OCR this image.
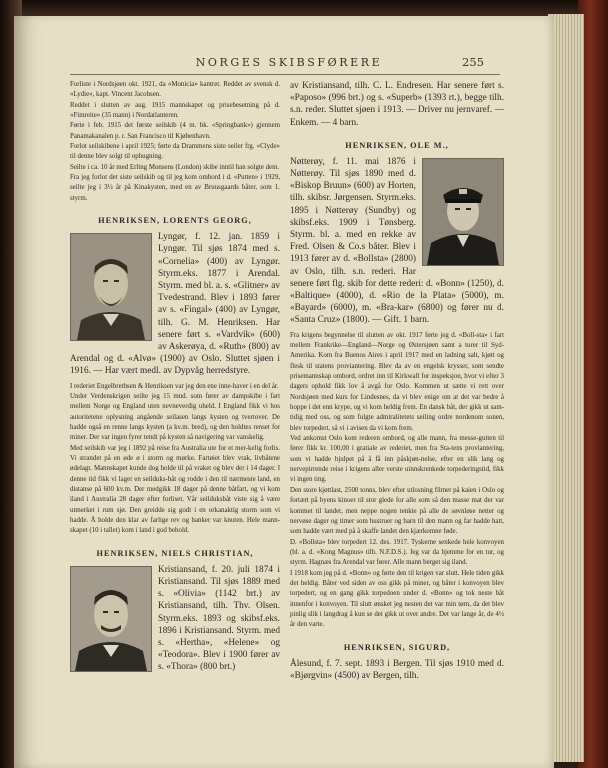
NORGES SKIBSFØRERE	255

Forliste i Nordsjøen okt. 1921, da «Monicia» kantret. Reddet av svensk d. «Lydie», kapt. Vincent Jacobsen.

Reddet i slutten av aug. 1915 mannskapet og prisebesetning på d. «Fimreite» (35 mann) i Nordatlanteren.

Førte i feb. 1915 det første seilskib (4 m. bk. «Springbank») gjennem Panamakanalen p. r. San Francisco til Kjøbenhavn.

Forlot seilskibene i april 1925; førte da Drammens siste seiler frg. «Clyde» til denne blev solgt til ophugning.

Seilte i ca. 10 år med Erling Monsens (London) skibe inntil han solgte dem.

Fra jeg forlot det siste seilskib og til jeg kom ombord i d. «Putten» i 1929, seilte jeg i 3½ år på Kinakysten, med en av Bruusgaards båter, som 1. styrm.

HENRIKSEN, LORENTS GEORG,

Lyngør, f. 12. jan. 1859 i Lyngør. Til sjøs 1874 med s. «Cornelia» (400) av Lyngør. Styrm.eks. 1877 i Arendal. Styrm. med bl. a. s. «Glitner» av Tvedestrand. Blev i 1893 fører av s. «Fingal» (400) av Lyngør, tilh. G. M. Henriksen. Har senere ført s. «Vardvik» (600) av Askerøya, d. «Ruth» (800) av Arendal og d. «Alvø» (1900) av Oslo. Sluttet sjøen i 1916. — Har vært medl. av Dypvåg herredstyre.

I rederiet Engelbrethsen & Henriksen var jeg den ene inne-haver i en del år.

Under Verdenskrigen seilte jeg 15 mnd. som fører av dampskibe i fart mellem Norge og England uten nevneverdig uheld. I England fikk vi hos autoritetene oplysning angående seilasen langs kysten og tvertover. De hadde også en renne langs kysten (a kv.m. bred), og den holdtes renset for miner. Der var ingen fyrer tendt på kysten så navigering var vanskelig.

Med seilskib var jeg i 1892 på reise fra Australia ute for et mer-kelig forlis. Vi strandet på en øde ø i storm og mørke. Fartøiet blev vrak, livbåtene ødelagt. Mannskapet kunde dog holde til på vraket og blev der i 14 dager. I denne tid fikk vi laget en seilduks-båt og rodde i den til nærmeste land, en distanse på 600 kv.m. Der medgikk 18 dager på denne båtfart, og vi kom iland i Australia 28 dager efter forliset. Vår seilduksbåt viste sig å være utmerket i rum sjø. Den greidde sig godt i en orkanaktig storm som vi hadde. Å holde den klar av farlige rev og banker var knuten. Hele mann-skapet (10 i tallet) kom i land i god behold.

HENRIKSEN, NIELS CHRISTIAN,

Kristiansand, f. 20. juli 1874 i Kristiansand. Til sjøs 1889 med s. «Olivia» (1142 brt.) av Kristiansand, tilh. Thv. Olsen. Styrm.eks. 1893 og skibsf.eks. 1896 i Kristiansand. Styrm. med s. «Hertha», «Helene» og «Teodora». Blev i 1900 fører av s. «Thora» (800 brt.)

av Kristiansand, tilh. C. L. Endresen. Har senere ført s. «Paposo» (996 brt.) og s. «Superb» (1393 rt.), begge tilh. s.n. reder. Sluttet sjøen i 1913. — Driver nu jernvaref. — Enkem. — 4 barn.

HENRIKSEN, OLE M.,

Nøtterøy, f. 11. mai 1876 i Nøtterøy. Til sjøs 1890 med d. «Biskop Bruun» (600) av Horten, tilh. skibsr. Jørgensen. Styrm.eks. 1895 i Nøtterøy (Sundby) og skibsf.eks. 1909 i Tønsberg. Styrm. bl. a. med en rekke av Fred. Olsen & Co.s båter. Blev i 1913 fører av d. «Bollsta» (2800) av Oslo, tilh. s.n. rederi. Har senere ført flg. skib for dette rederi: d. «Bonn» (1250), d. «Baltique» (4000), d. «Rio de la Plata» (5000), m. «Bayard» (6000), m. «Bra-kar» (6800) og fører nu d. «Santa Cruz» (1800). — Gift. 1 barn.

Fra krigens begynnelse til slutten av okt. 1917 førte jeg d. «Boll-sta» i fart mellem Frankrike—England—Norge og Østersjøen samt a turer til Syd-Amerika. Kom fra Buenos Aires i april 1917 med en ladning salt, kjøtt og flesk til statens proviantering. Blev da av en engelsk krysser, som sendte prisemannskap ombord, ordret inn til Kirkwall for inspeksjon, hvor vi efter 3 dagers ophold fikk lov å avgå for Oslo. Kommen ut sætte vi rett over Nordsjøen med kurs for Lindesnes, da vi blev enige om at det var bedre å hoppe i det enn krype, og vi kom heldig frem. En dansk båt, der gikk ut sam-tidig med oss, og som fulgte admiralitetets seiling ordre nordenom sonen, blev torpedert, så vi i avisen da vi kom frem.

Ved ankomst Oslo kom rederen ombord, og alle mann, fra messe-gutten til fører fikk kr. 100,00 i gratiale av rederiet, men fra Sta-tens proviantering, som vi hadde hjulpet på å få inn påskjøn-nelse, efter en slik lang og nervepirrende reise i krigens aller verste uinnskrenkede torpederingstid, fikk vi ingen ting.

Den store kjøttlast, 2500 tonns, blev efter utlosning filmet på kaien i Oslo og fortært på byens kinoer til stor glede for alle som så den masse mat der var kommet til landet, men neppe nogen tenkte på alle de søvnløse netter og nervøse dager og timer som hustruer og barn til den mann og far hadde hatt, som hadde vært med på å skaffe landet den kjærkomne føde.

D. «Bollsta» blev torpedert 12. des. 1917. Tyskerne senkede hele konvoyen (bl. a. d. «Kong Magnus» tilh. N.F.D.S.). Jeg var da hjemme for en tur, og styrm. Hagnæs fra Arendal var fører. Alle mann berget sig iland.

I 1918 kom jeg på d. «Bonn» og førte den til krigen var slutt. Hele tiden gikk det heldig. Båter ved siden av oss gikk på miner, og båter i konvoyen blev torpedert, og en gang gikk torpedoen under d. «Bonn» og tok neste båt innenfor i konvoyen. Til slutt ønsket jeg nesten det var min tørn, da det blev pinlig slik i langdrag å kun se det gikk ut over andre. Det var lange år, de 4½ år den varte.

HENRIKSEN, SIGURD,

Ålesund, f. 7. sept. 1893 i Bergen. Til sjøs 1910 med d. «Bjørgvin» (4500) av Bergen, tilh.
